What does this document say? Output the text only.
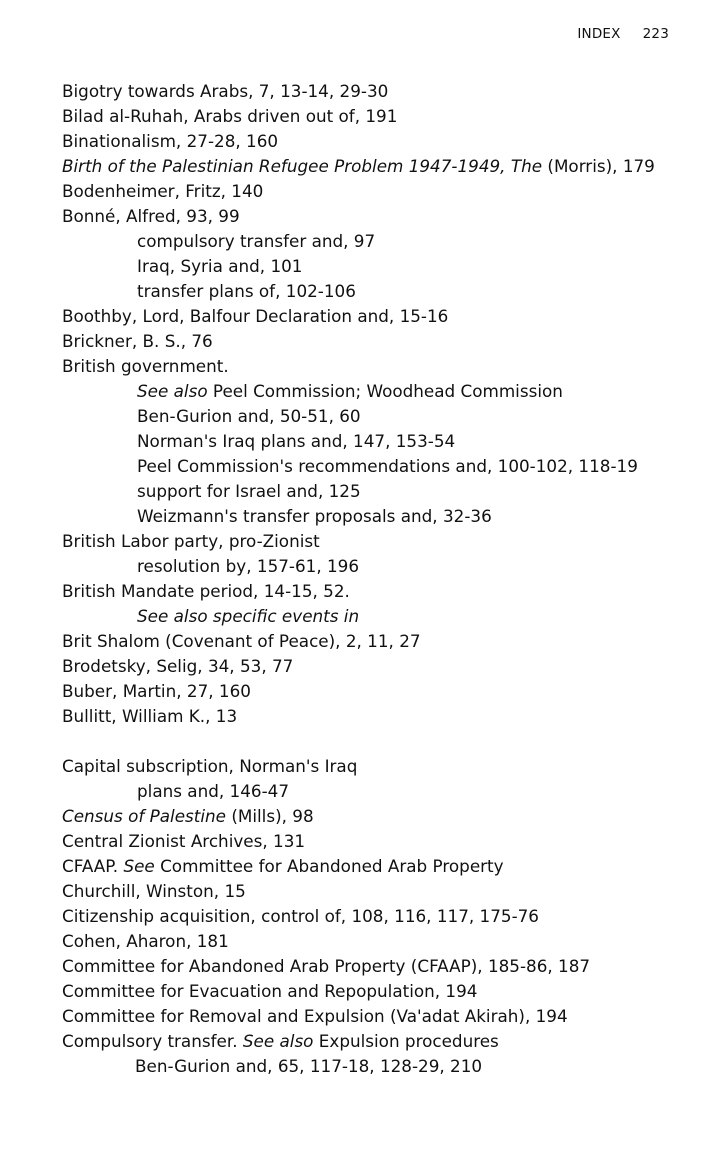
INDEX 223
Bigotry towards Arabs, 7, 13-14, 29-30
Bilad al-Ruhah, Arabs driven out of, 191
Binationalism, 27-28, 160
Birth of the Palestinian Refugee Problem 1947-1949, The (Morris), 179
Bodenheimer, Fritz, 140
Bonné, Alfred, 93, 99
compulsory transfer and, 97
Iraq, Syria and, 101
transfer plans of, 102-106
Boothby, Lord, Balfour Declaration and, 15-16
Brickner, B. S., 76
British government.
See also Peel Commission; Woodhead Commission
Ben-Gurion and, 50-51, 60
Norman's Iraq plans and, 147, 153-54
Peel Commission's recommendations and, 100-102, 118-19
support for Israel and, 125
Weizmann's transfer proposals and, 32-36
British Labor party, pro-Zionist
resolution by, 157-61, 196
British Mandate period, 14-15, 52.
See also specific events in
Brit Shalom (Covenant of Peace), 2, 11, 27
Brodetsky, Selig, 34, 53, 77
Buber, Martin, 27, 160
Bullitt, William K., 13
Capital subscription, Norman's Iraq
plans and, 146-47
Census of Palestine (Mills), 98
Central Zionist Archives, 131
CFAAP. See Committee for Abandoned Arab Property
Churchill, Winston, 15
Citizenship acquisition, control of, 108, 116, 117, 175-76
Cohen, Aharon, 181
Committee for Abandoned Arab Property (CFAAP), 185-86, 187
Committee for Evacuation and Repopulation, 194
Committee for Removal and Expulsion (Va'adat Akirah), 194
Compulsory transfer. See also Expulsion procedures
Ben-Gurion and, 65, 117-18, 128-29, 210
